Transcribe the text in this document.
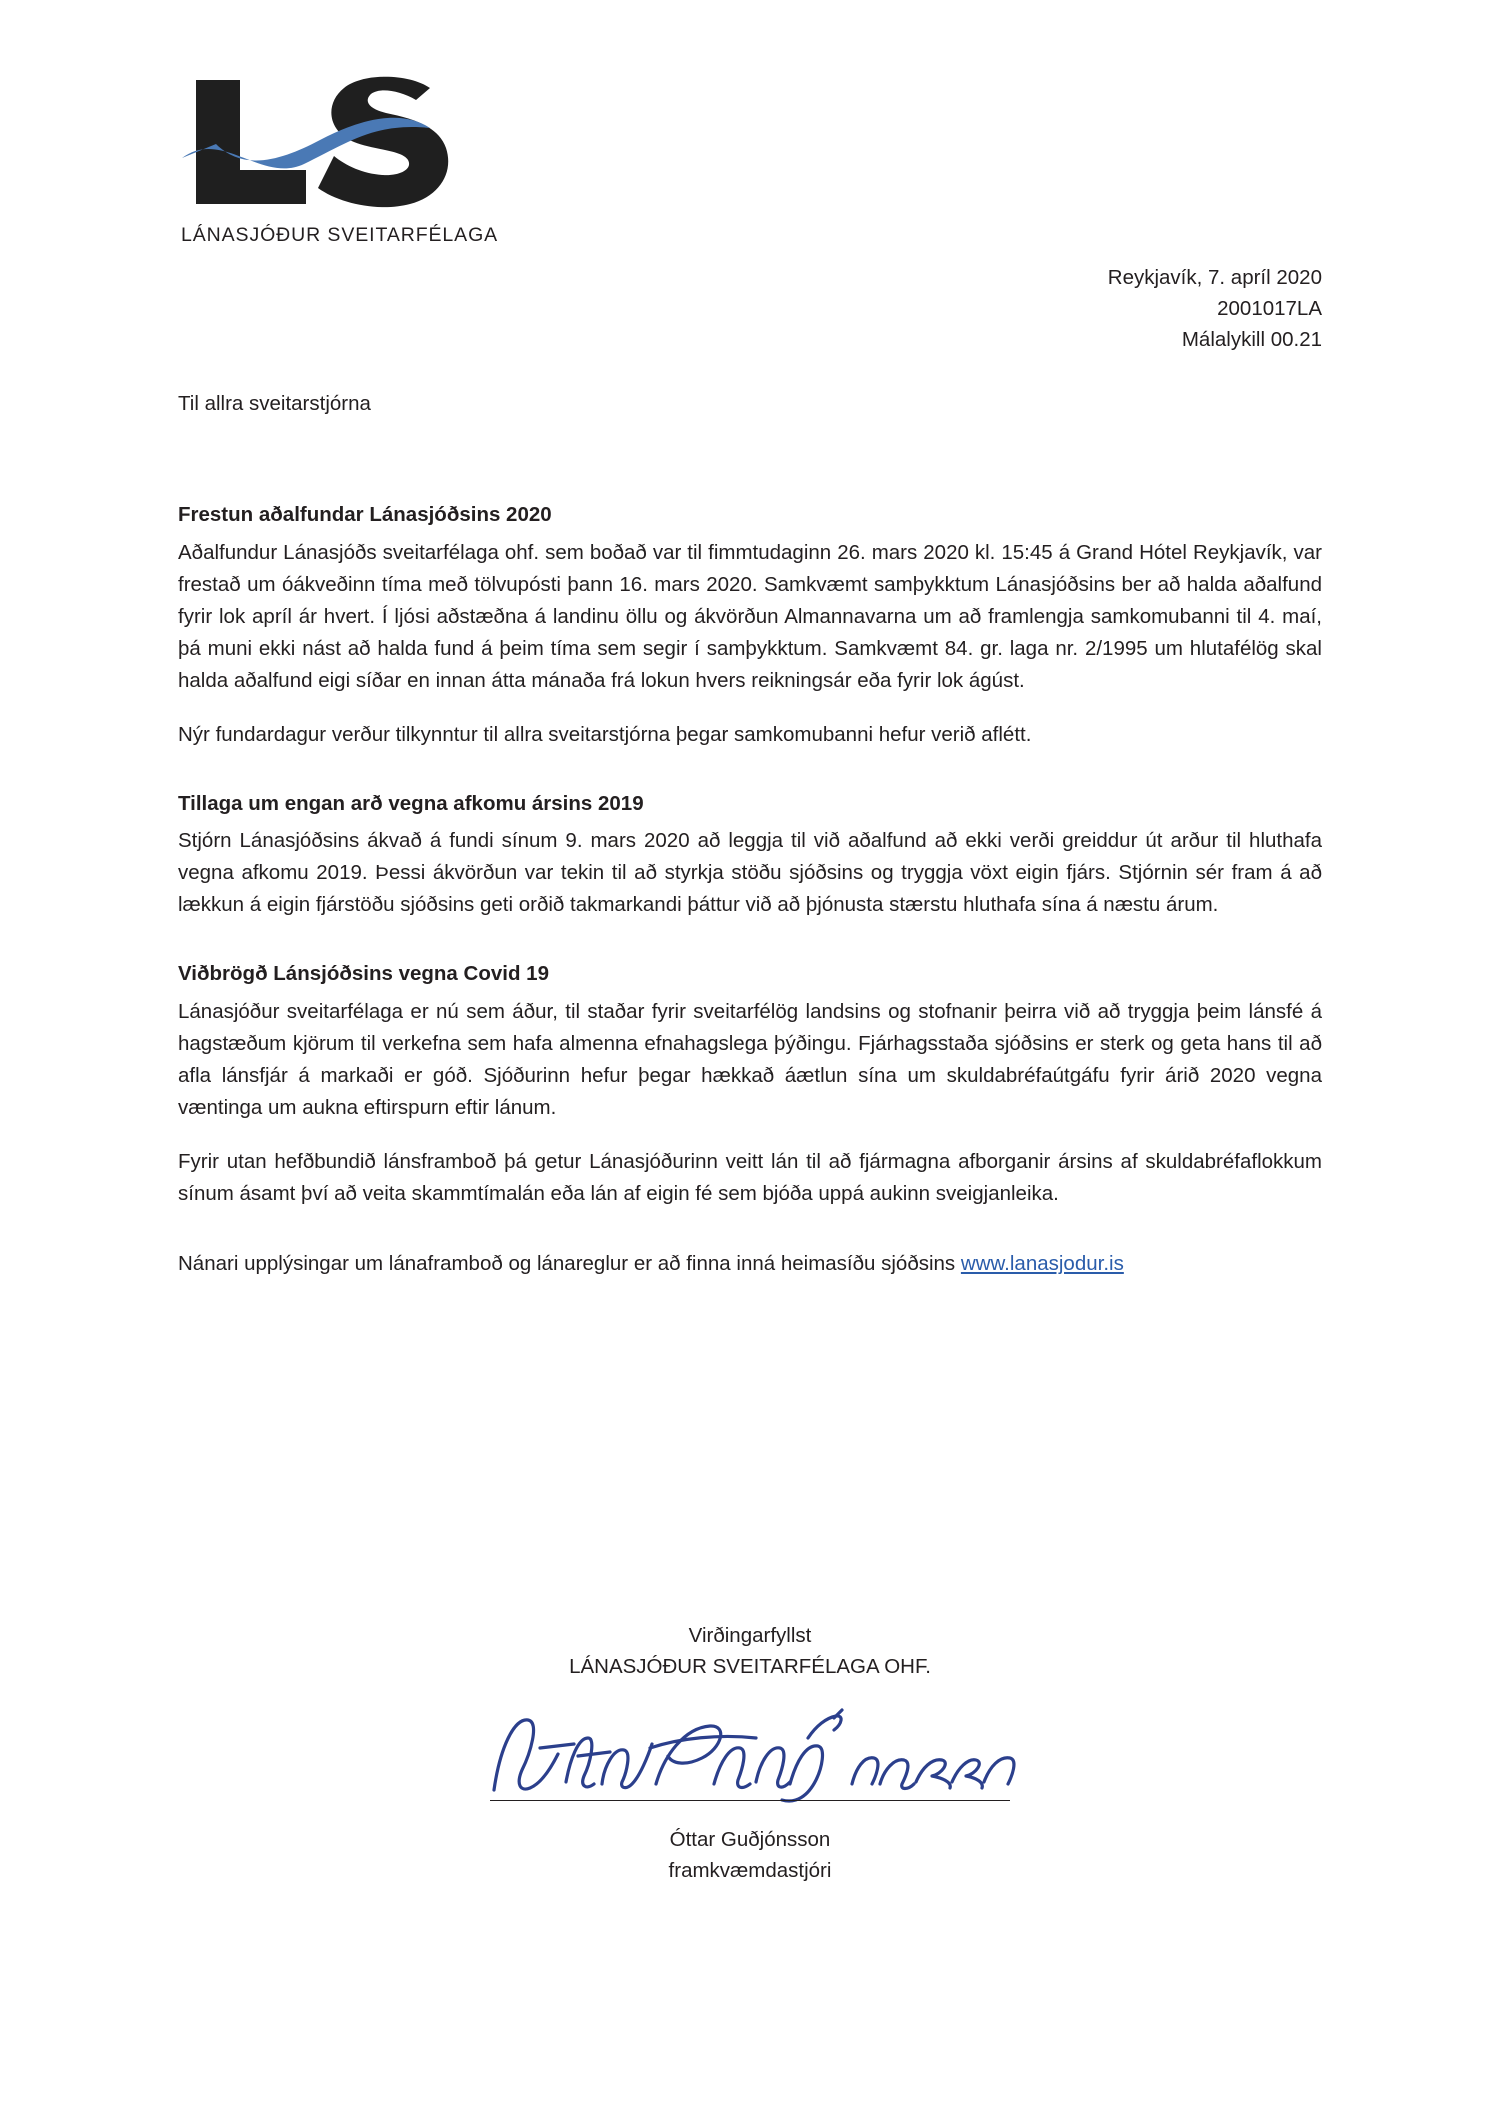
LÁNASJÓÐUR SVEITARFÉLAGA
Reykjavík, 7. apríl 2020
2001017LA
Málalykill 00.21
Til allra sveitarstjórna
Frestun aðalfundar Lánasjóðsins 2020

Aðalfundur Lánasjóðs sveitarfélaga ohf. sem boðað var til fimmtudaginn 26. mars 2020 kl. 15:45 á Grand Hótel Reykjavík, var frestað um óákveðinn tíma með tölvupósti þann 16. mars 2020. Samkvæmt samþykktum Lánasjóðsins ber að halda aðalfund fyrir lok apríl ár hvert. Í ljósi aðstæðna á landinu öllu og ákvörðun Almannavarna um að framlengja samkomubanni til 4. maí, þá muni ekki nást að halda fund á þeim tíma sem segir í samþykktum. Samkvæmt 84. gr. laga nr. 2/1995 um hlutafélög skal halda aðalfund eigi síðar en innan átta mánaða frá lokun hvers reikningsár eða fyrir lok ágúst.

Nýr fundardagur verður tilkynntur til allra sveitarstjórna þegar samkomubanni hefur verið aflétt.

Tillaga um engan arð vegna afkomu ársins 2019

Stjórn Lánasjóðsins ákvað á fundi sínum 9. mars 2020 að leggja til við aðalfund að ekki verði greiddur út arður til hluthafa vegna afkomu 2019. Þessi ákvörðun var tekin til að styrkja stöðu sjóðsins og tryggja vöxt eigin fjárs. Stjórnin sér fram á að lækkun á eigin fjárstöðu sjóðsins geti orðið takmarkandi þáttur við að þjónusta stærstu hluthafa sína á næstu árum.

Viðbrögð Lánsjóðsins vegna Covid 19

Lánasjóður sveitarfélaga er nú sem áður, til staðar fyrir sveitarfélög landsins og stofnanir þeirra við að tryggja þeim lánsfé á hagstæðum kjörum til verkefna sem hafa almenna efnahagslega þýðingu. Fjárhagsstaða sjóðsins er sterk og geta hans til að afla lánsfjár á markaði er góð. Sjóðurinn hefur þegar hækkað áætlun sína um skuldabréfaútgáfu fyrir árið 2020 vegna væntinga um aukna eftirspurn eftir lánum.

Fyrir utan hefðbundið lánsframboð þá getur Lánasjóðurinn veitt lán til að fjármagna afborganir ársins af skuldabréfaflokkum sínum ásamt því að veita skammtímalán eða lán af eigin fé sem bjóða uppá aukinn sveigjanleika.

Nánari upplýsingar um lánaframboð og lánareglur er að finna inná heimasíðu sjóðsins www.lanasjodur.is

Virðingarfyllst
LÁNASJÓÐUR SVEITARFÉLAGA OHF.
Óttar Guðjónsson
framkvæmdastjóri
